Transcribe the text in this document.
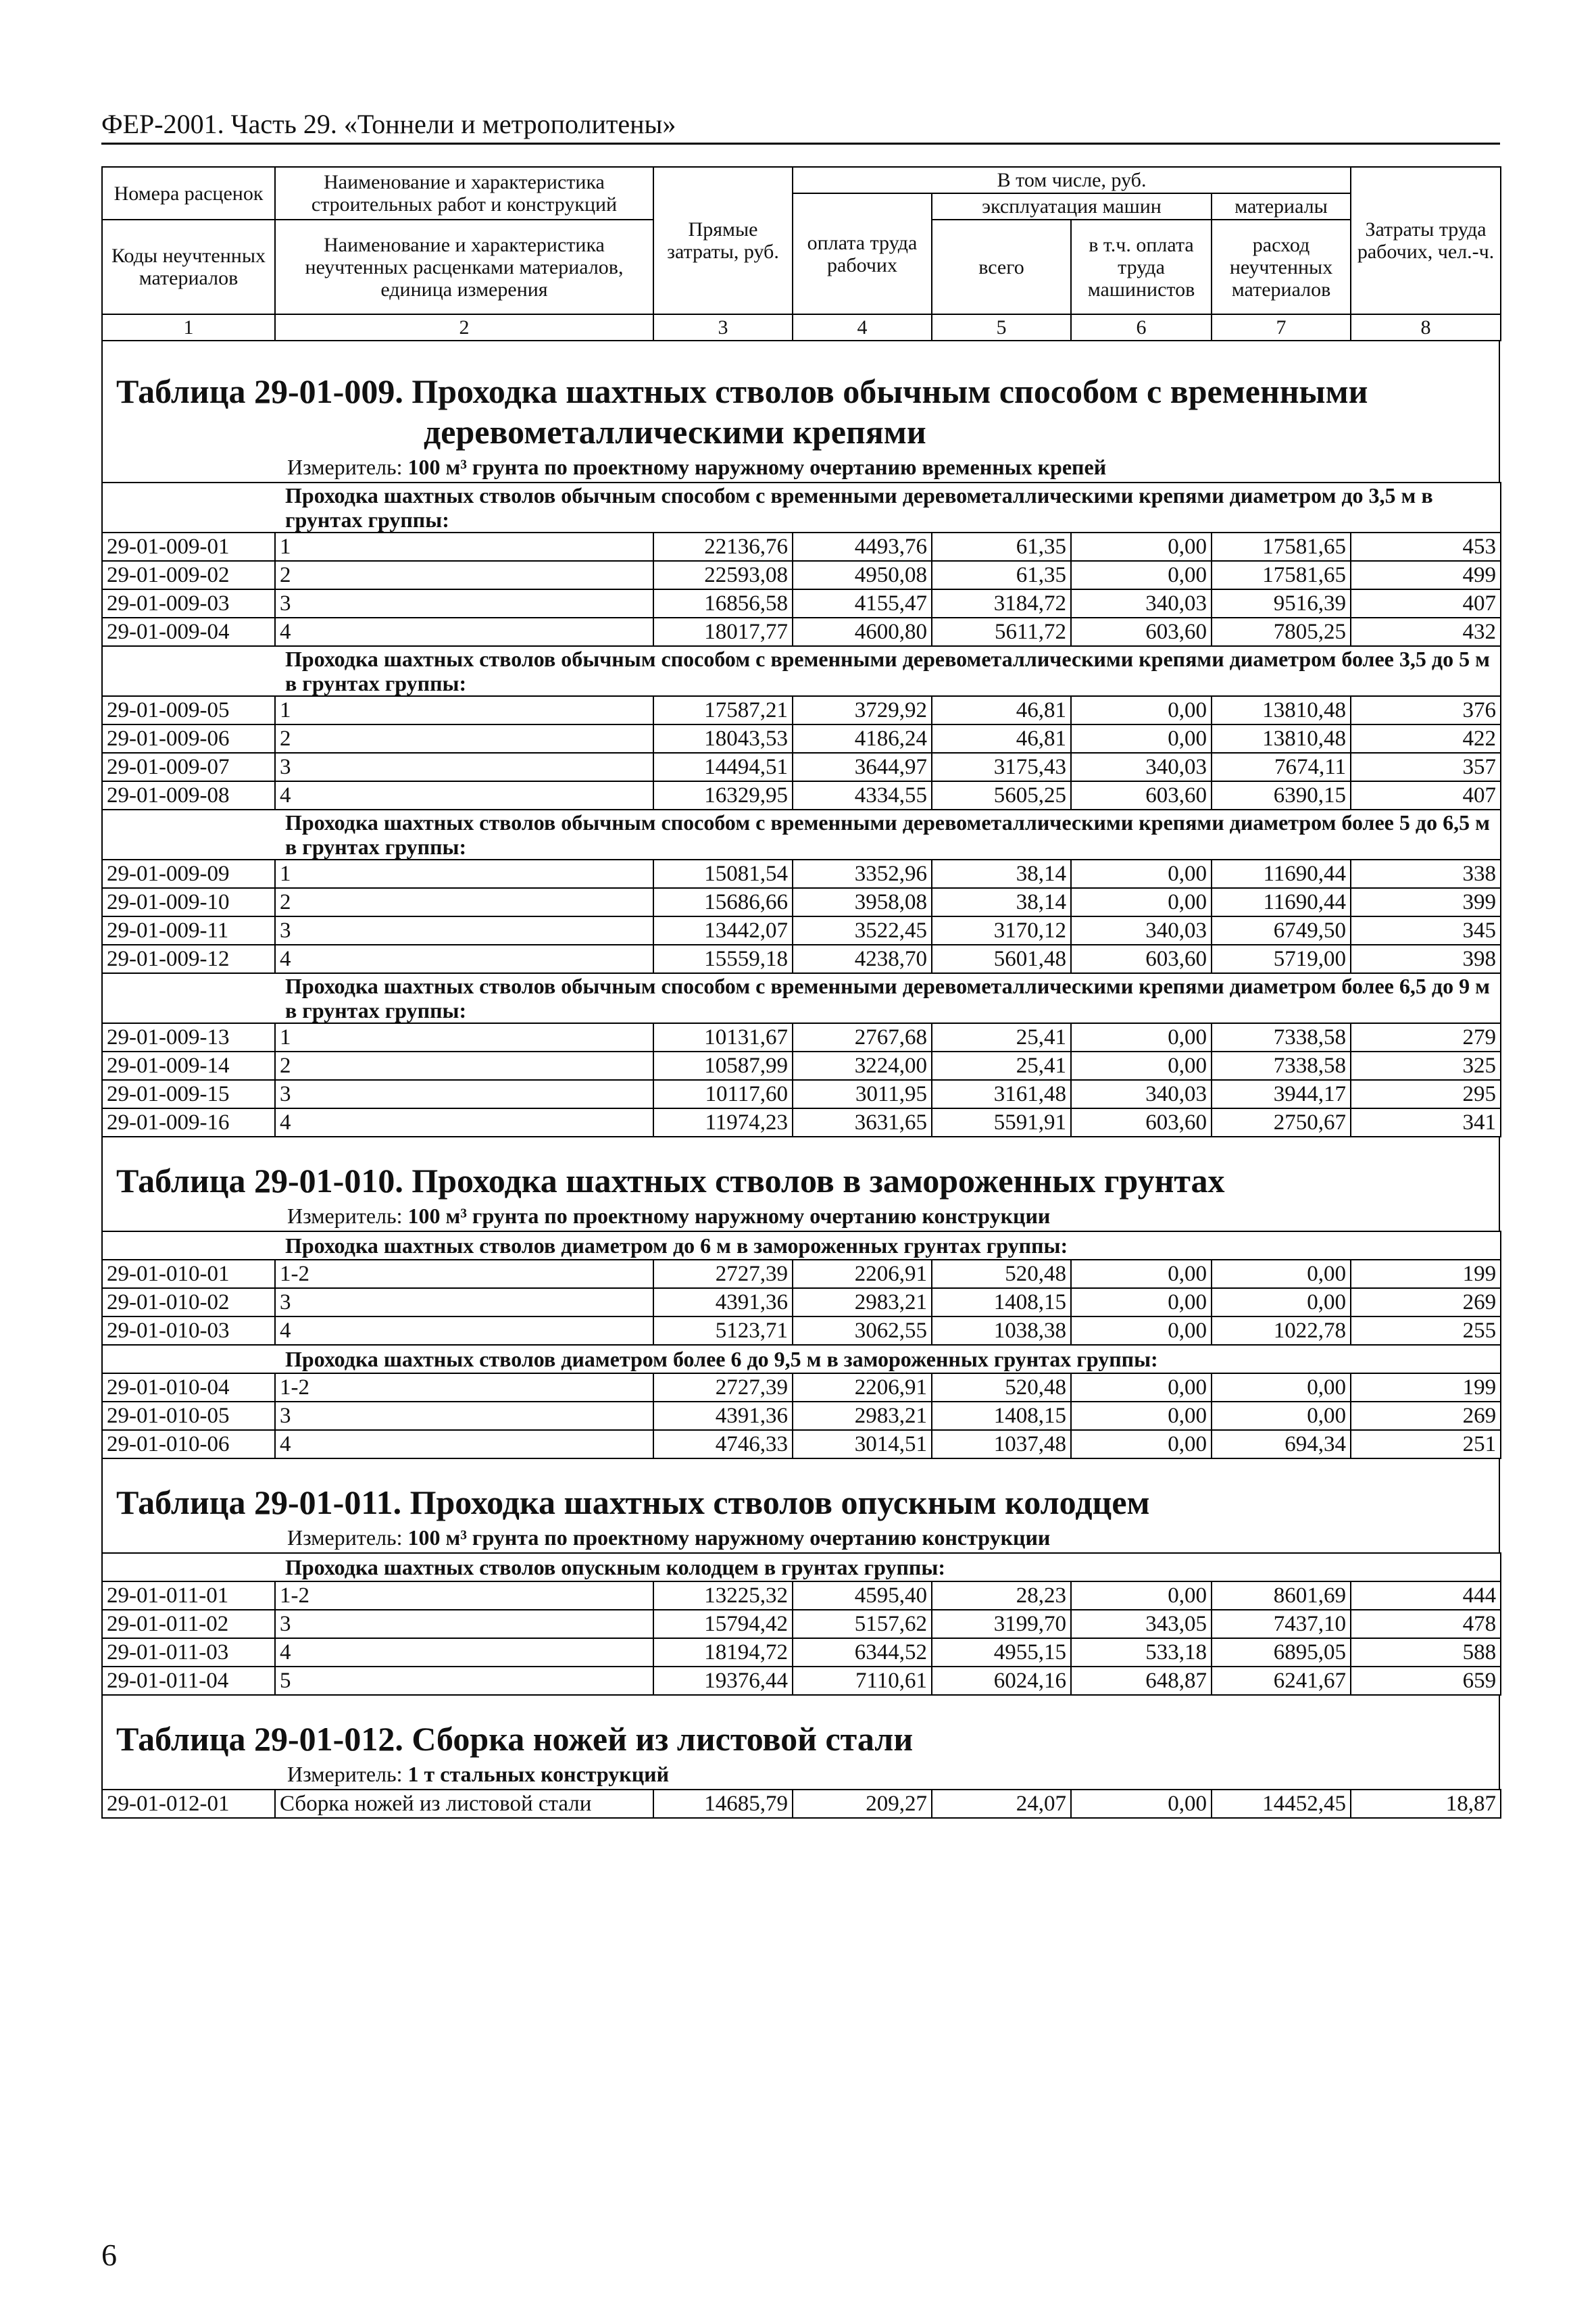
ФЕР-2001. Часть 29. «Тоннели и метрополитены»
Номера расценок	Наименование и характеристика строительных работ и конструкций	Прямые затраты, руб.	В том числе, руб.				Затраты труда рабочих, чел.-ч.
			оплата труда рабочих	эксплуатация машин		материалы	
Коды неучтенных материалов	Наименование и характеристика неучтенных расценками материалов, единица измерения			всего	в т.ч. оплата труда машинистов	расход неучтенных материалов	

1	2	3	4	5	6	7	8
Таблица 29-01-009. Проходка шахтных стволов обычным способом с временными
деревометаллическими крепями
Измеритель: 100 м³ грунта по проектному наружному очертанию временных крепей
Проходка шахтных стволов обычным способом с временными деревометаллическими крепями диаметром до 3,5 м в грунтах группы:							
29-01-009-01	1	22136,76	4493,76	61,35	0,00	17581,65	453
29-01-009-02	2	22593,08	4950,08	61,35	0,00	17581,65	499
29-01-009-03	3	16856,58	4155,47	3184,72	340,03	9516,39	407
29-01-009-04	4	18017,77	4600,80	5611,72	603,60	7805,25	432
Проходка шахтных стволов обычным способом с временными деревометаллическими крепями диаметром более 3,5 до 5 м в грунтах группы:							
29-01-009-05	1	17587,21	3729,92	46,81	0,00	13810,48	376
29-01-009-06	2	18043,53	4186,24	46,81	0,00	13810,48	422
29-01-009-07	3	14494,51	3644,97	3175,43	340,03	7674,11	357
29-01-009-08	4	16329,95	4334,55	5605,25	603,60	6390,15	407
Проходка шахтных стволов обычным способом с временными деревометаллическими крепями диаметром более 5 до 6,5 м в грунтах группы:							
29-01-009-09	1	15081,54	3352,96	38,14	0,00	11690,44	338
29-01-009-10	2	15686,66	3958,08	38,14	0,00	11690,44	399
29-01-009-11	3	13442,07	3522,45	3170,12	340,03	6749,50	345
29-01-009-12	4	15559,18	4238,70	5601,48	603,60	5719,00	398
Проходка шахтных стволов обычным способом с временными деревометаллическими крепями диаметром более 6,5 до 9 м в грунтах группы:							
29-01-009-13	1	10131,67	2767,68	25,41	0,00	7338,58	279
29-01-009-14	2	10587,99	3224,00	25,41	0,00	7338,58	325
29-01-009-15	3	10117,60	3011,95	3161,48	340,03	3944,17	295
29-01-009-16	4	11974,23	3631,65	5591,91	603,60	2750,67	341
Таблица 29-01-010. Проходка шахтных стволов в замороженных грунтах
Измеритель: 100 м³ грунта по проектному наружному очертанию конструкции
Проходка шахтных стволов диаметром до 6 м в замороженных грунтах группы:							
29-01-010-01	1-2	2727,39	2206,91	520,48	0,00	0,00	199
29-01-010-02	3	4391,36	2983,21	1408,15	0,00	0,00	269
29-01-010-03	4	5123,71	3062,55	1038,38	0,00	1022,78	255
Проходка шахтных стволов диаметром более 6 до 9,5 м в замороженных грунтах группы:							
29-01-010-04	1-2	2727,39	2206,91	520,48	0,00	0,00	199
29-01-010-05	3	4391,36	2983,21	1408,15	0,00	0,00	269
29-01-010-06	4	4746,33	3014,51	1037,48	0,00	694,34	251
Таблица 29-01-011. Проходка шахтных стволов опускным колодцем
Измеритель: 100 м³ грунта по проектному наружному очертанию конструкции
Проходка шахтных стволов опускным колодцем в грунтах группы:							
29-01-011-01	1-2	13225,32	4595,40	28,23	0,00	8601,69	444
29-01-011-02	3	15794,42	5157,62	3199,70	343,05	7437,10	478
29-01-011-03	4	18194,72	6344,52	4955,15	533,18	6895,05	588
29-01-011-04	5	19376,44	7110,61	6024,16	648,87	6241,67	659
Таблица 29-01-012. Сборка ножей из листовой стали
Измеритель: 1 т стальных конструкций
29-01-012-01	Сборка ножей из листовой стали	14685,79	209,27	24,07	0,00	14452,45	18,87
6
